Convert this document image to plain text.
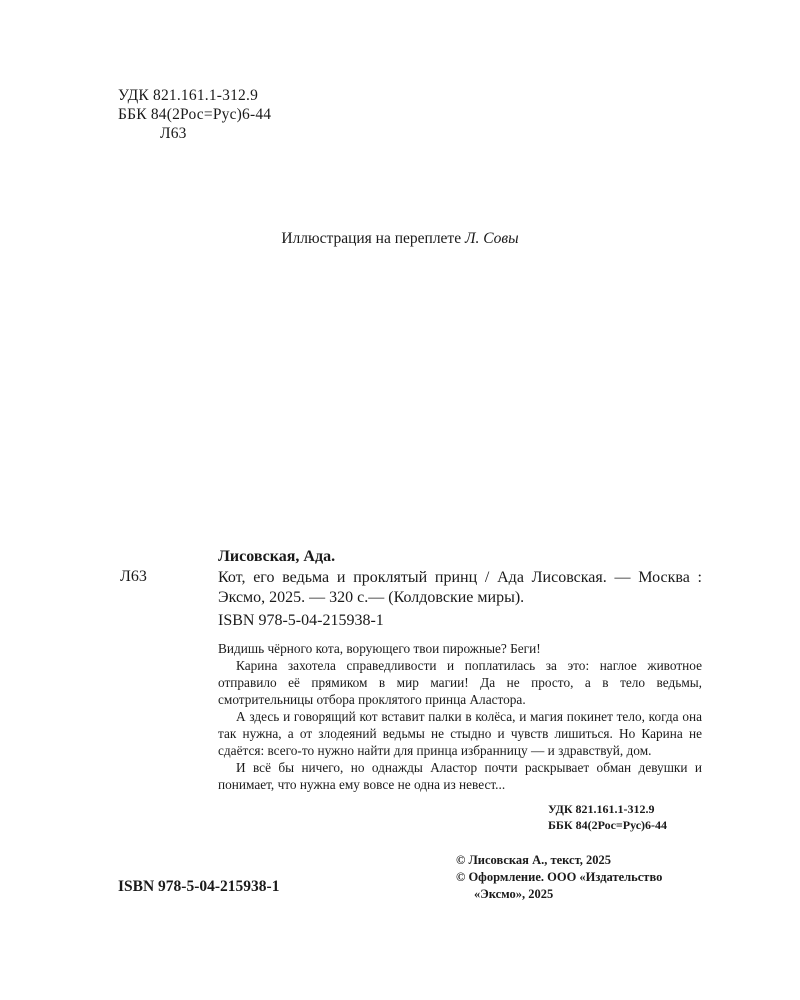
УДК 821.161.1-312.9
ББК 84(2Рос=Рус)6-44
Л63
Иллюстрация на переплете Л. Совы
Лисовская, Ада.
Л63	Кот, его ведьма и проклятый принц / Ада Лисовская. — Москва : Эксмо, 2025. — 320 с.— (Колдовские миры).
ISBN 978-5-04-215938-1

Видишь чёрного кота, ворующего твои пирожные? Беги!

Карина захотела справедливости и поплатилась за это: наглое животное отправило её прямиком в мир магии! Да не просто, а в тело ведьмы, смотрительницы отбора проклятого принца Аластора.

А здесь и говорящий кот вставит палки в колёса, и магия покинет тело, когда она так нужна, а от злодеяний ведьмы не стыдно и чувств лишиться. Но Карина не сдаётся: всего-то нужно найти для принца избранницу — и здравствуй, дом.

И всё бы ничего, но однажды Аластор почти раскрывает обман девушки и понимает, что нужна ему вовсе не одна из невест...

УДК 821.161.1-312.9
ББК 84(2Рос=Рус)6-44
ISBN 978-5-04-215938-1
© Лисовская А., текст, 2025
© Оформление. ООО «Издательство
«Эксмо», 2025
